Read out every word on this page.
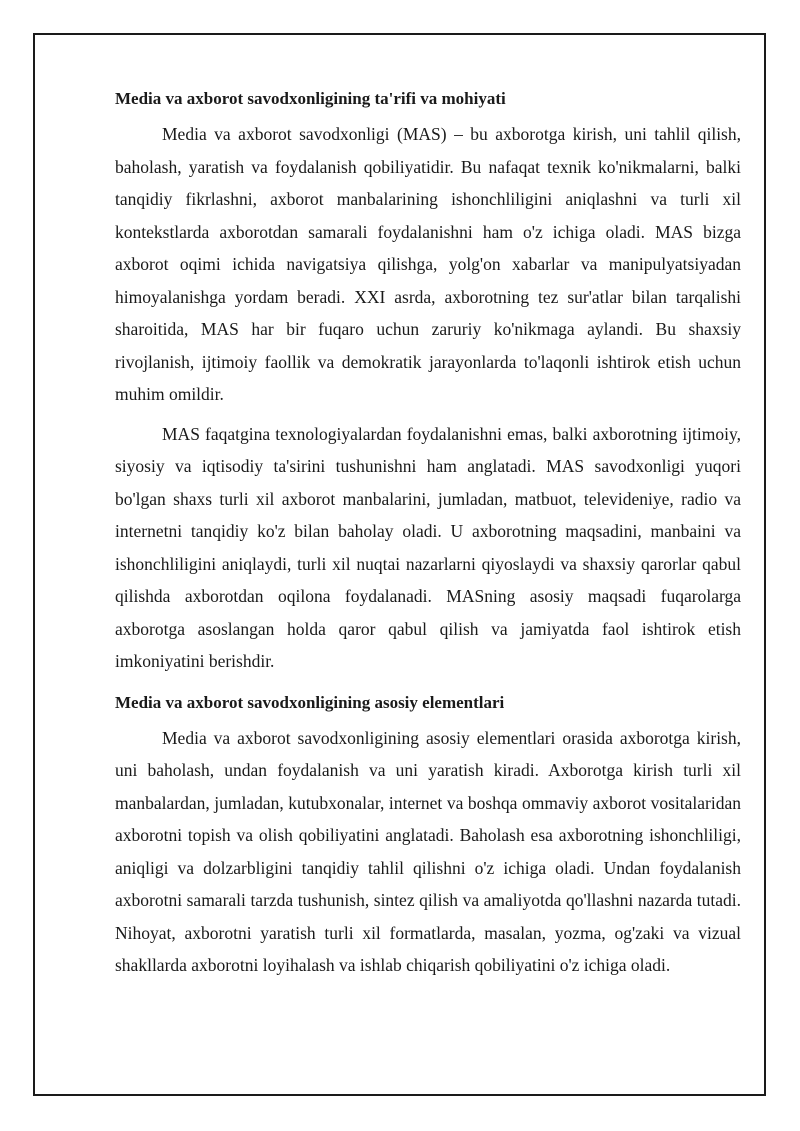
Media va axborot savodxonligining ta'rifi va mohiyati

Media va axborot savodxonligi (MAS) – bu axborotga kirish, uni tahlil qilish, baholash, yaratish va foydalanish qobiliyatidir. Bu nafaqat texnik ko'nikmalarni, balki tanqidiy fikrlashni, axborot manbalarining ishonchliligini aniqlashni va turli xil kontekstlarda axborotdan samarali foydalanishni ham o'z ichiga oladi. MAS bizga axborot oqimi ichida navigatsiya qilishga, yolg'on xabarlar va manipulyatsiyadan himoyalanishga yordam beradi. XXI asrda, axborotning tez sur'atlar bilan tarqalishi sharoitida, MAS har bir fuqaro uchun zaruriy ko'nikmaga aylandi. Bu shaxsiy rivojlanish, ijtimoiy faollik va demokratik jarayonlarda to'laqonli ishtirok etish uchun muhim omildir.

MAS faqatgina texnologiyalardan foydalanishni emas, balki axborotning ijtimoiy, siyosiy va iqtisodiy ta'sirini tushunishni ham anglatadi. MAS savodxonligi yuqori bo'lgan shaxs turli xil axborot manbalarini, jumladan, matbuot, televideniye, radio va internetni tanqidiy ko'z bilan baholay oladi. U axborotning maqsadini, manbaini va ishonchliligini aniqlaydi, turli xil nuqtai nazarlarni qiyoslaydi va shaxsiy qarorlar qabul qilishda axborotdan oqilona foydalanadi. MASning asosiy maqsadi fuqarolarga axborotga asoslangan holda qaror qabul qilish va jamiyatda faol ishtirok etish imkoniyatini berishdir.

Media va axborot savodxonligining asosiy elementlari

Media va axborot savodxonligining asosiy elementlari orasida axborotga kirish, uni baholash, undan foydalanish va uni yaratish kiradi. Axborotga kirish turli xil manbalardan, jumladan, kutubxonalar, internet va boshqa ommaviy axborot vositalaridan axborotni topish va olish qobiliyatini anglatadi. Baholash esa axborotning ishonchliligi, aniqligi va dolzarbligini tanqidiy tahlil qilishni o'z ichiga oladi. Undan foydalanish axborotni samarali tarzda tushunish, sintez qilish va amaliyotda qo'llashni nazarda tutadi. Nihoyat, axborotni yaratish turli xil formatlarda, masalan, yozma, og'zaki va vizual shakllarda axborotni loyihalash va ishlab chiqarish qobiliyatini o'z ichiga oladi.
